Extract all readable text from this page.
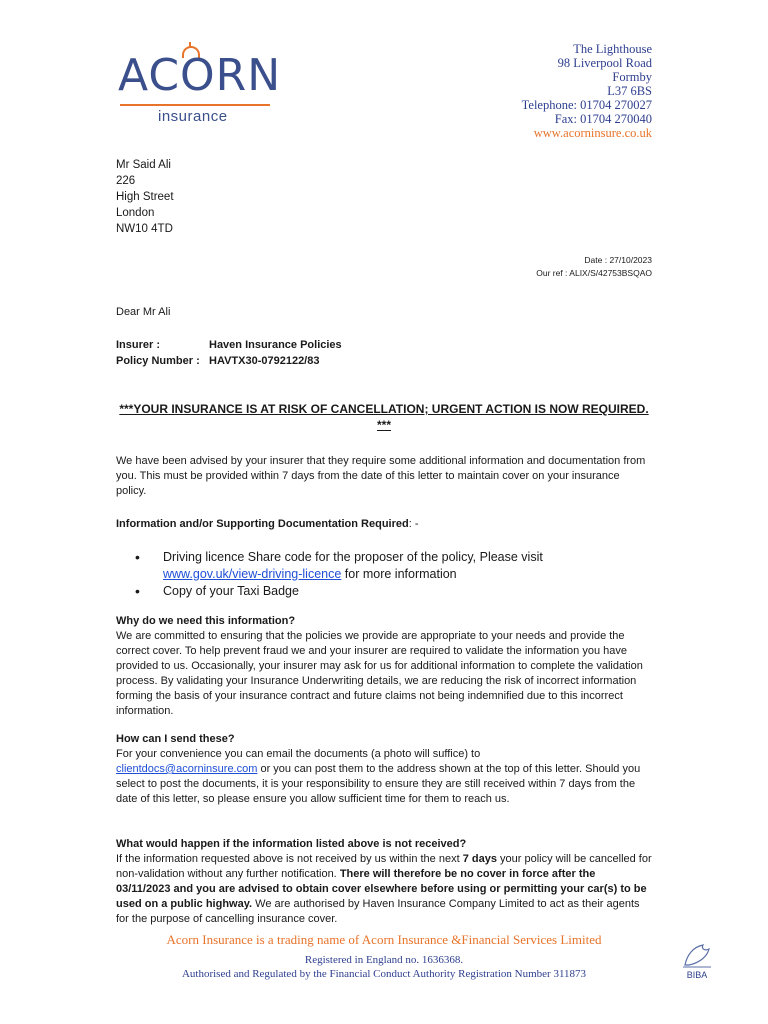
ACORN
insurance
The Lighthouse
98 Liverpool Road
Formby
L37 6BS
Telephone: 01704 270027
Fax: 01704 270040
www.acorninsure.co.uk
Mr Said Ali
226
High Street
London
NW10 4TD
Date : 27/10/2023
Our ref : ALIX/S/42753BSQAO
Dear Mr Ali
Insurer :	Haven Insurance Policies
Policy Number : HAVTX30-0792122/83
***YOUR INSURANCE IS AT RISK OF CANCELLATION; URGENT ACTION IS NOW REQUIRED. ***
We have been advised by your insurer that they require some additional information and documentation from you. This must be provided within 7 days from the date of this letter to maintain cover on your insurance policy.
Information and/or Supporting Documentation Required: -
• Driving licence Share code for the proposer of the policy, Please visit
www.gov.uk/view-driving-licence for more information
• Copy of your Taxi Badge
Why do we need this information?
We are committed to ensuring that the policies we provide are appropriate to your needs and provide the correct cover. To help prevent fraud we and your insurer are required to validate the information you have provided to us. Occasionally, your insurer may ask for us for additional information to complete the validation process. By validating your Insurance Underwriting details, we are reducing the risk of incorrect information forming the basis of your insurance contract and future claims not being indemnified due to this incorrect information.
How can I send these?
For your convenience you can email the documents (a photo will suffice) to
clientdocs@acorninsure.com or you can post them to the address shown at the top of this letter. Should you select to post the documents, it is your responsibility to ensure they are still received within 7 days from the date of this letter, so please ensure you allow sufficient time for them to reach us.
What would happen if the information listed above is not received?
If the information requested above is not received by us within the next 7 days your policy will be cancelled for non-validation without any further notification. There will therefore be no cover in force after the 03/11/2023 and you are advised to obtain cover elsewhere before using or permitting your car(s) to be used on a public highway. We are authorised by Haven Insurance Company Limited to act as their agents for the purpose of cancelling insurance cover.
Acorn Insurance is a trading name of Acorn Insurance &Financial Services Limited
Registered in England no. 1636368.
Authorised and Regulated by the Financial Conduct Authority Registration Number 311873	BIBA
